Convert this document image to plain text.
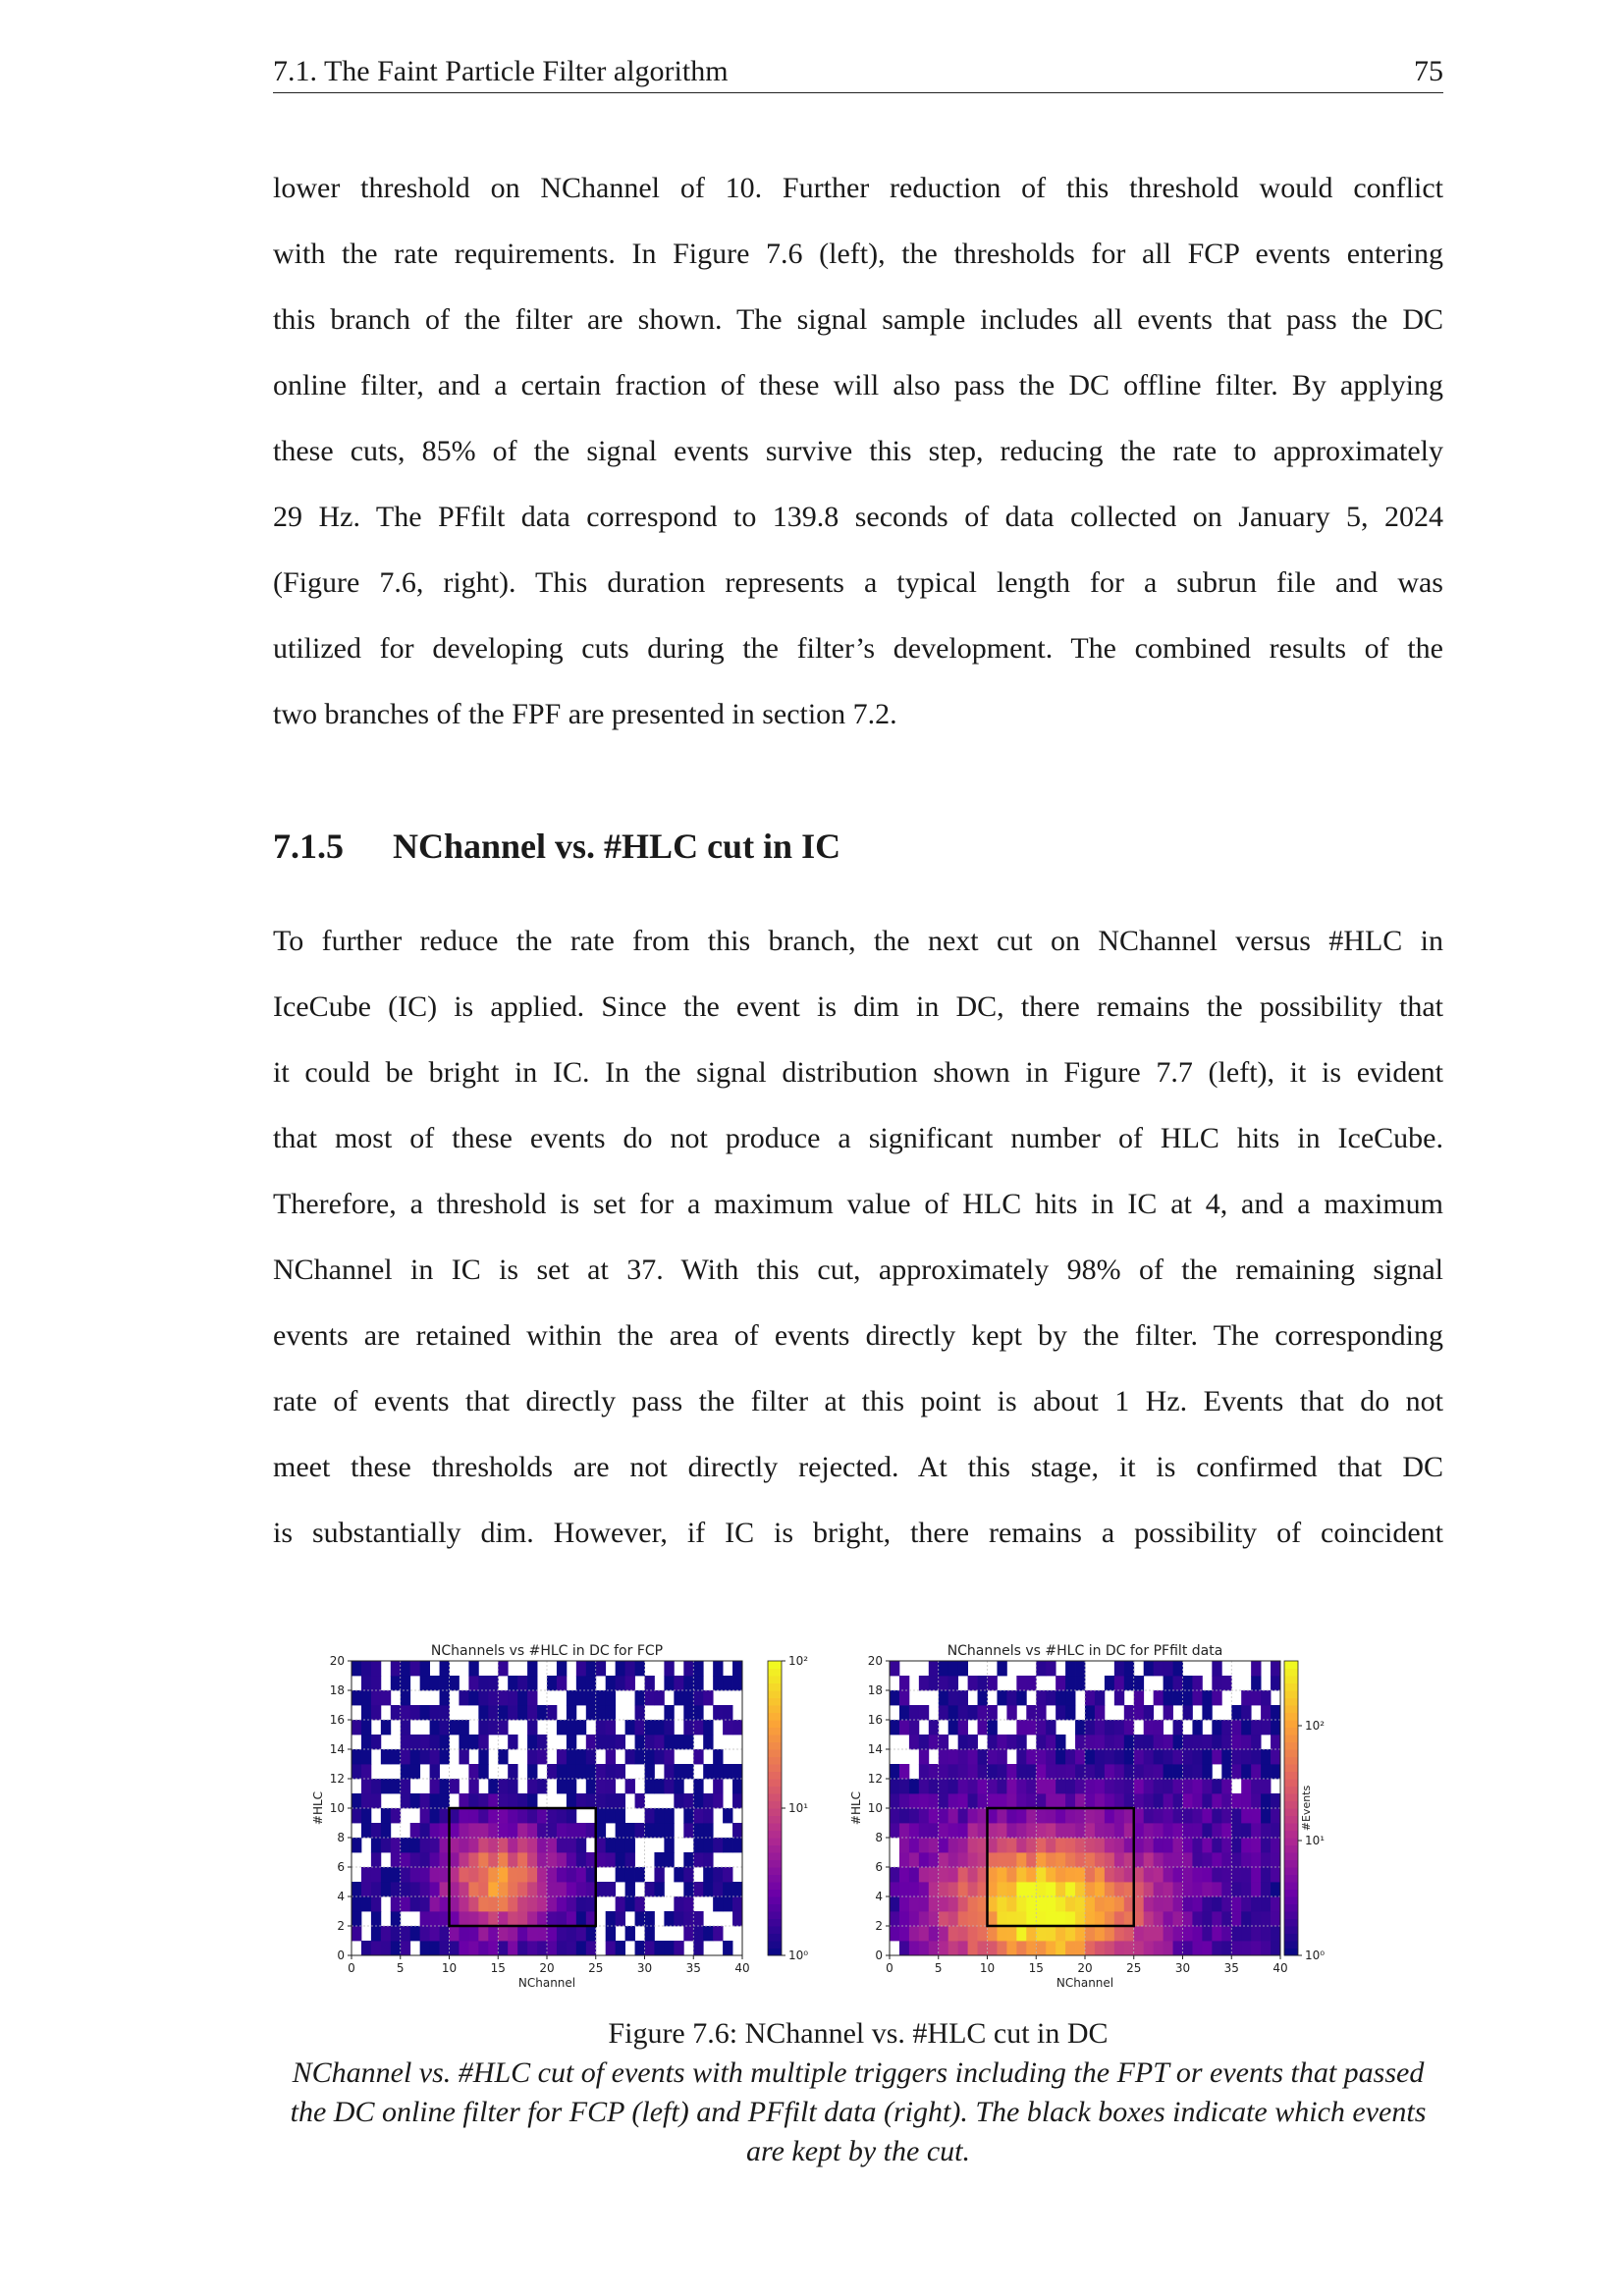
7.1. The Faint Particle Filter algorithm	75
lower threshold on NChannel of 10. Further reduction of this threshold would conflict
with the rate requirements. In Figure 7.6 (left), the thresholds for all FCP events entering
this branch of the filter are shown. The signal sample includes all events that pass the DC
online filter, and a certain fraction of these will also pass the DC offline filter. By applying
these cuts, 85% of the signal events survive this step, reducing the rate to approximately
29 Hz. The PFfilt data correspond to 139.8 seconds of data collected on January 5, 2024
(Figure 7.6, right). This duration represents a typical length for a subrun file and was
utilized for developing cuts during the filter’s development. The combined results of the
two branches of the FPF are presented in section 7.2.
7.1.5 NChannel vs. #HLC cut in IC
To further reduce the rate from this branch, the next cut on NChannel versus #HLC in
IceCube (IC) is applied. Since the event is dim in DC, there remains the possibility that
it could be bright in IC. In the signal distribution shown in Figure 7.7 (left), it is evident
that most of these events do not produce a significant number of HLC hits in IceCube.
Therefore, a threshold is set for a maximum value of HLC hits in IC at 4, and a maximum
NChannel in IC is set at 37. With this cut, approximately 98% of the remaining signal
events are retained within the area of events directly kept by the filter. The corresponding
rate of events that directly pass the filter at this point is about 1 Hz. Events that do not
meet these thresholds are not directly rejected. At this stage, it is confirmed that DC
is substantially dim. However, if IC is bright, there remains a possibility of coincident
0	5	10	15	20	25	30	35	40
0
2
4
6
8
10
12
14
16
18
20
NChannels vs #HLC in DC for FCP
NChannel
#HLC
10⁰
10¹
10²
0	5	10	15	20	25	30	35	40
0
2
4
6
8
10
12
14
16
18
20
NChannels vs #HLC in DC for PFfilt data
NChannel
#HLC
10⁰
10¹
10²
#Events
Figure 7.6: NChannel vs. #HLC cut in DC
NChannel vs. #HLC cut of events with multiple triggers including the FPT or events that passed the DC online filter for FCP (left) and PFfilt data (right). The black boxes indicate which events are kept by the cut.
